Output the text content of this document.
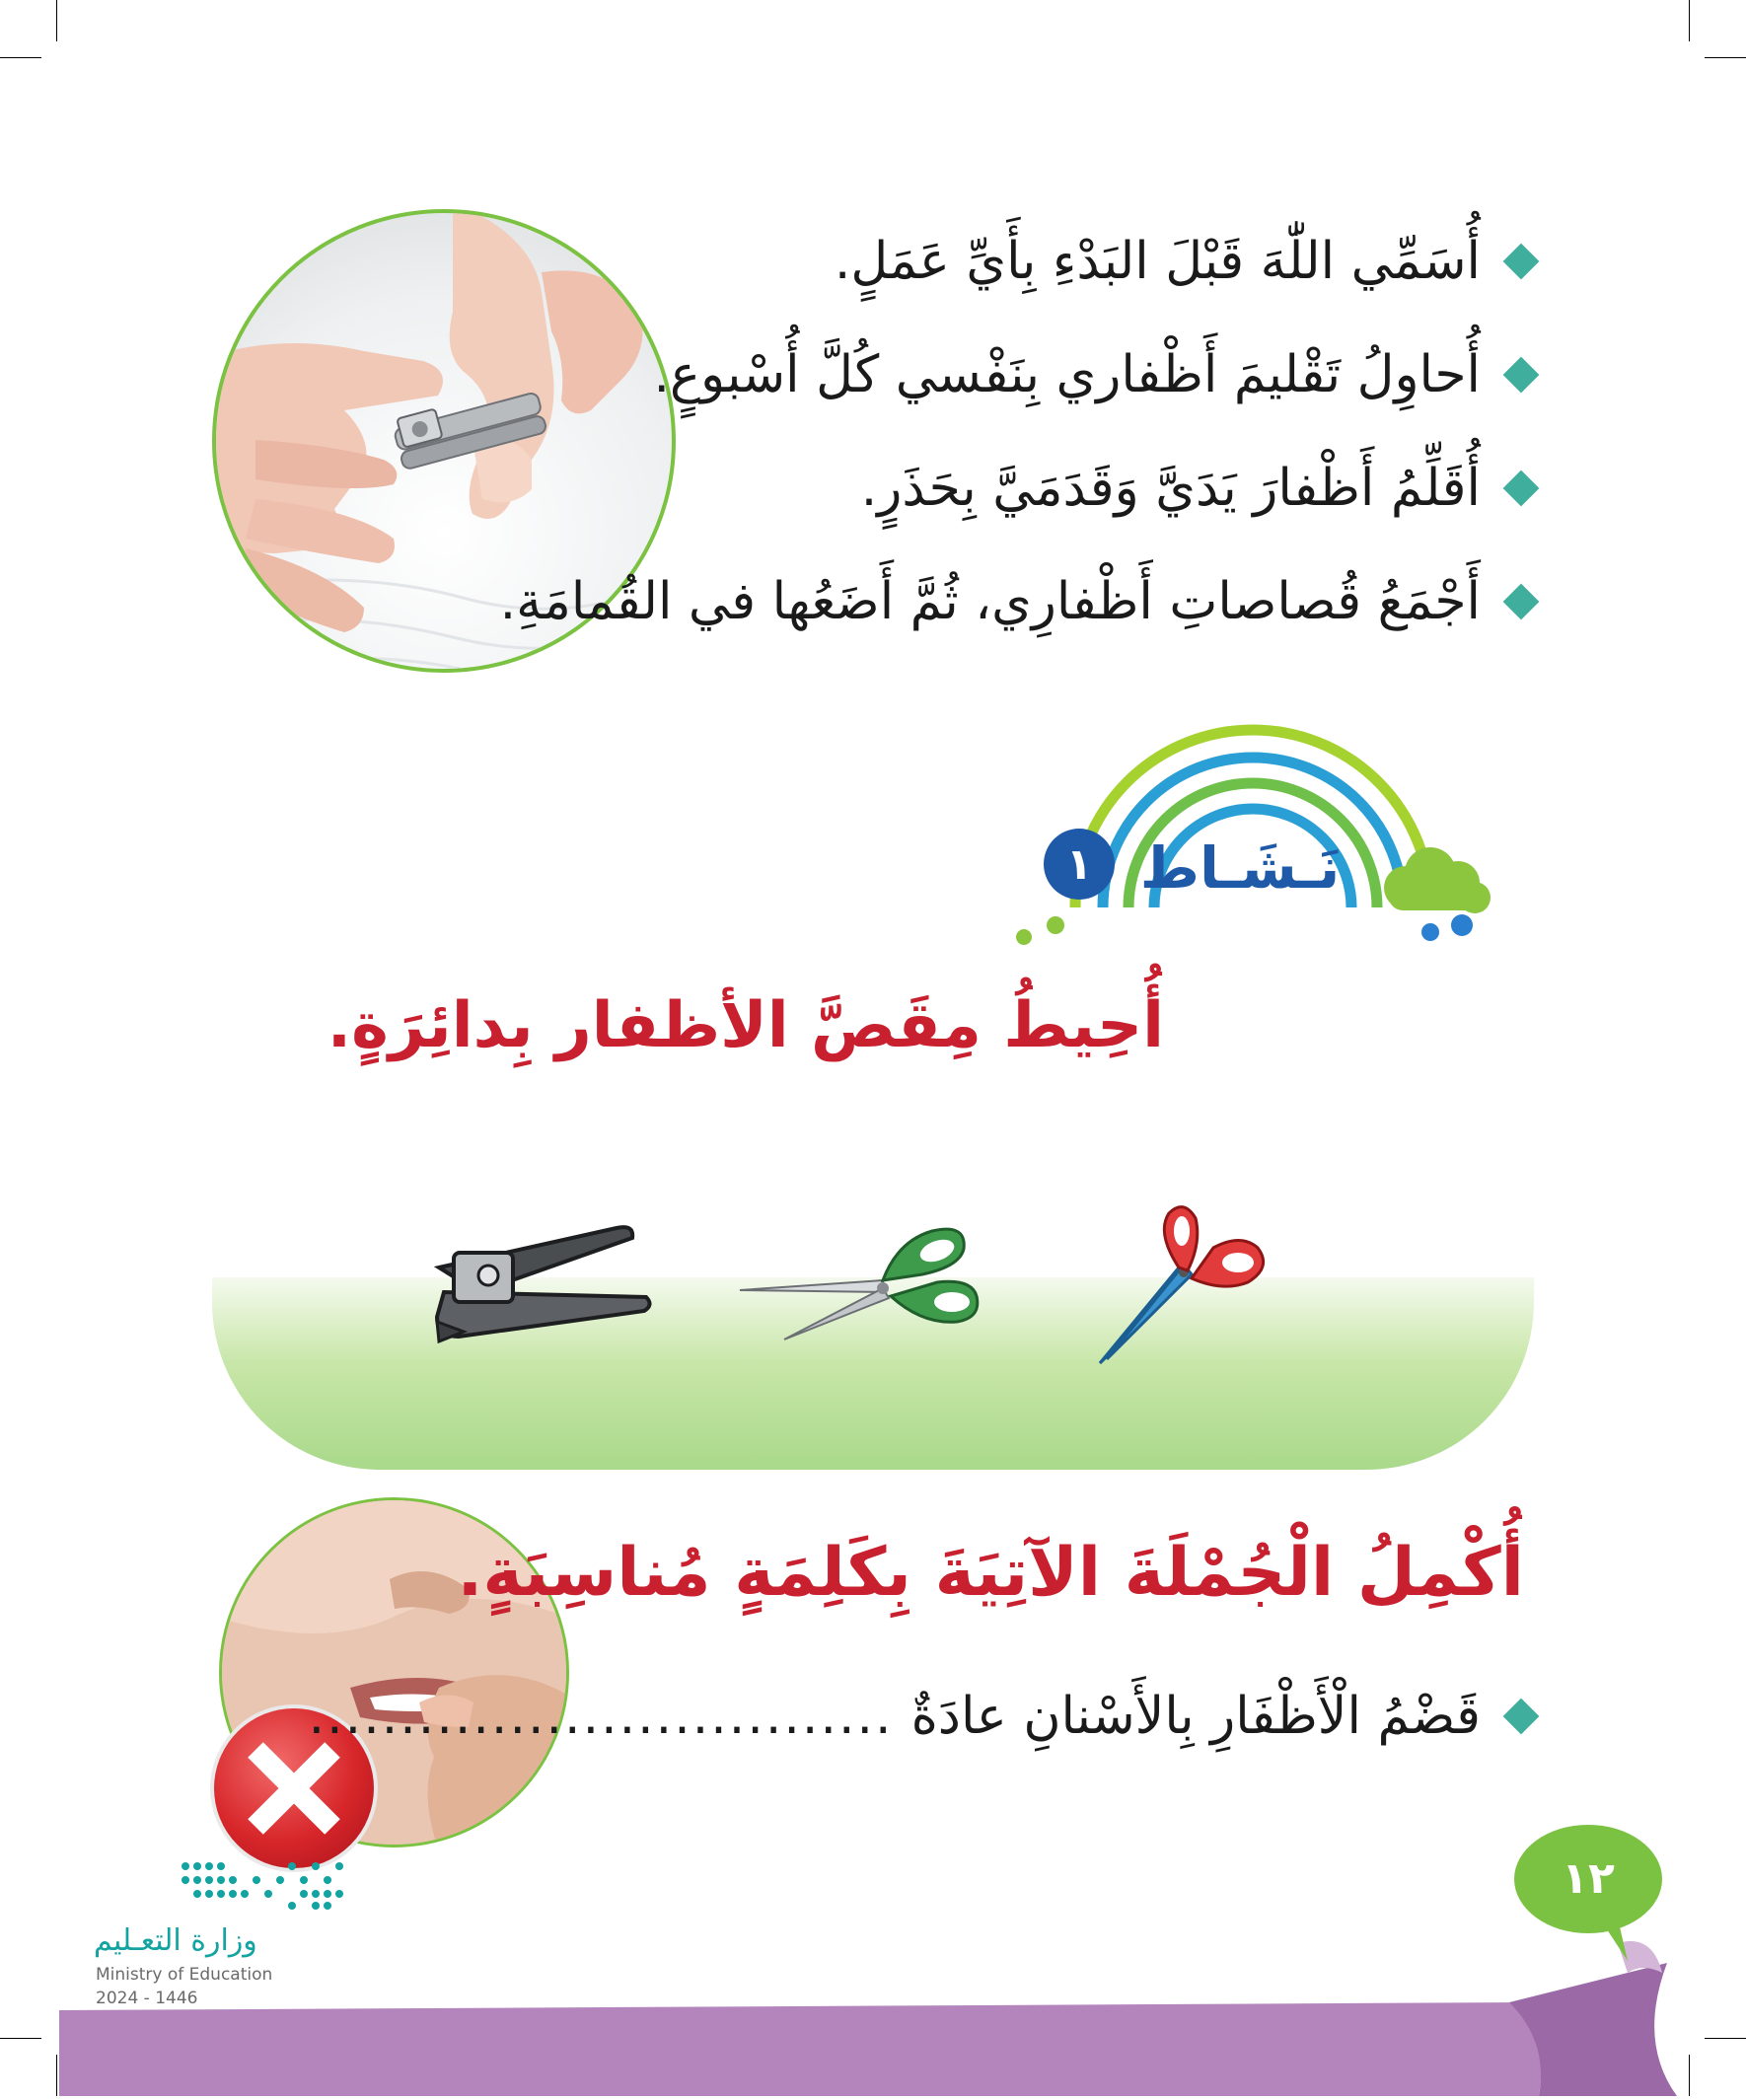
أُسَمِّي اللّٰهَ قَبْلَ البَدْءِ بِأَيِّ عَمَلٍ.
أُحاوِلُ تَقْليمَ أَظْفاري بِنَفْسي كُلَّ أُسْبوعٍ.
أُقَلِّمُ أَظْفارَ يَدَيَّ وَقَدَمَيَّ بِحَذَرٍ.
أَجْمَعُ قُصاصاتِ أَظْفارِي، ثُمَّ أَضَعُها في القُمامَةِ.
١ نَـشَـاط
أُحِيطُ مِقَصَّ الأظفار بِدائِرَةٍ.
أُكْمِلُ الْجُمْلَةَ الآتِيَةَ بِكَلِمَةٍ مُناسِبَةٍ.
قَضْمُ الْأَظْفَارِ بِالأَسْنانِ عادَةٌ
................................
وزارة التعـليم
Ministry of Education
2024 - 1446
١٢
